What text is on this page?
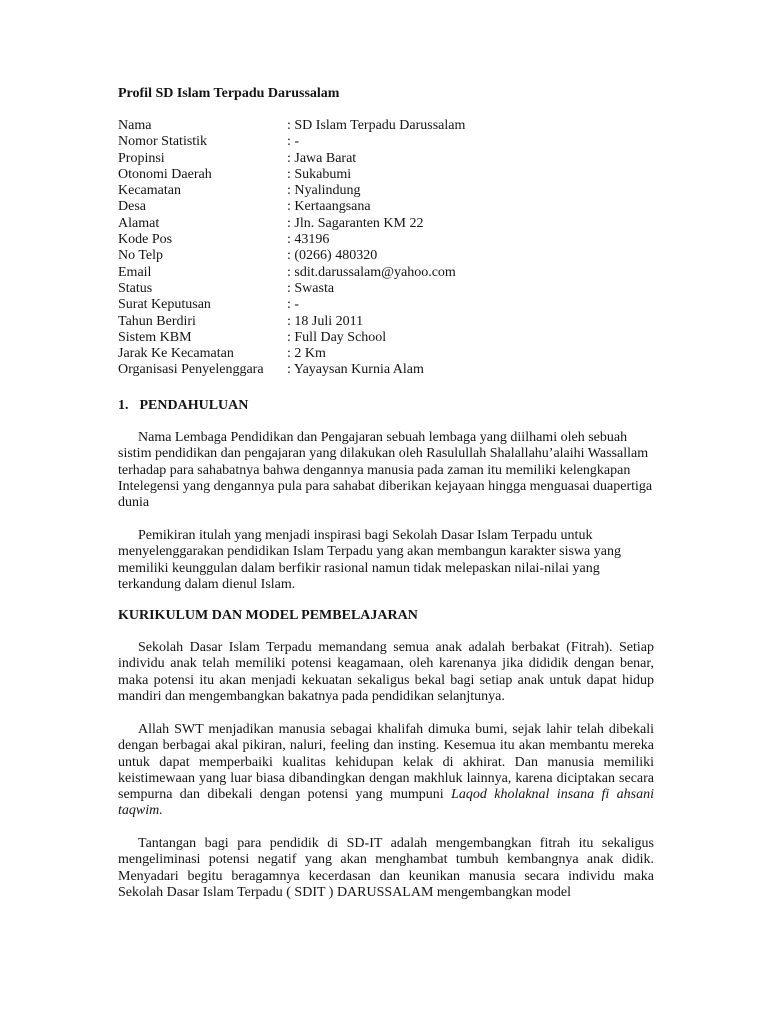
Profil SD Islam Terpadu Darussalam

Nama	: SD Islam Terpadu Darussalam
Nomor Statistik	: -
Propinsi	: Jawa Barat
Otonomi Daerah	: Sukabumi
Kecamatan	: Nyalindung
Desa	: Kertaangsana
Alamat	: Jln. Sagaranten KM 22
Kode Pos	: 43196
No Telp	: (0266) 480320
Email	: sdit.darussalam@yahoo.com
Status	: Swasta
Surat Keputusan	: -
Tahun Berdiri	: 18 Juli 2011
Sistem KBM	: Full Day School
Jarak Ke Kecamatan	: 2 Km
Organisasi Penyelenggara	: Yayaysan Kurnia Alam

1. PENDAHULUAN

Nama Lembaga Pendidikan dan Pengajaran sebuah lembaga yang diilhami oleh sebuah sistim pendidikan dan pengajaran yang dilakukan oleh Rasulullah Shalallahu’alaihi Wassallam terhadap para sahabatnya bahwa dengannya manusia pada zaman itu memiliki kelengkapan Intelegensi yang dengannya pula para sahabat diberikan kejayaan hingga menguasai duapertiga dunia

Pemikiran itulah yang menjadi inspirasi bagi Sekolah Dasar Islam Terpadu untuk menyelenggarakan pendidikan Islam Terpadu yang akan membangun karakter siswa yang memiliki keunggulan dalam berfikir rasional namun tidak melepaskan nilai-nilai yang terkandung dalam dienul Islam.

KURIKULUM DAN MODEL PEMBELAJARAN

Sekolah Dasar Islam Terpadu memandang semua anak adalah berbakat (Fitrah). Setiap individu anak telah memiliki potensi keagamaan, oleh karenanya jika dididik dengan benar, maka potensi itu akan menjadi kekuatan sekaligus bekal bagi setiap anak untuk dapat hidup mandiri dan mengembangkan bakatnya pada pendidikan selanjtunya.

Allah SWT menjadikan manusia sebagai khalifah dimuka bumi, sejak lahir telah dibekali dengan berbagai akal pikiran, naluri, feeling dan insting. Kesemua itu akan membantu mereka untuk dapat memperbaiki kualitas kehidupan kelak di akhirat. Dan manusia memiliki keistimewaan yang luar biasa dibandingkan dengan makhluk lainnya, karena diciptakan secara sempurna dan dibekali dengan potensi yang mumpuni Laqod kholaknal insana fi ahsani taqwim.

Tantangan bagi para pendidik di SD-IT adalah mengembangkan fitrah itu sekaligus mengeliminasi potensi negatif yang akan menghambat tumbuh kembangnya anak didik. Menyadari begitu beragamnya kecerdasan dan keunikan manusia secara individu maka Sekolah Dasar Islam Terpadu ( SDIT ) DARUSSALAM mengembangkan model
